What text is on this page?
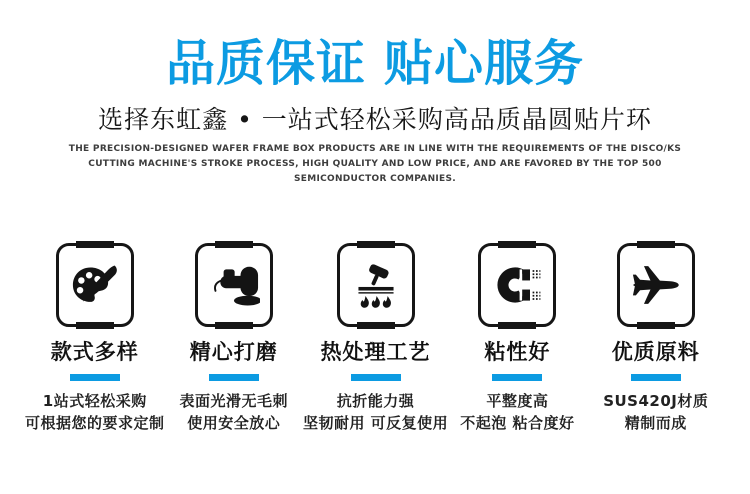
品质保证 贴心服务
选择东虹鑫 • 一站式轻松采购高品质晶圆贴片环
THE PRECISION-DESIGNED WAFER FRAME BOX PRODUCTS ARE IN LINE WITH THE REQUIREMENTS OF THE DISCO/KS CUTTING MACHINE'S STROKE PROCESS, HIGH QUALITY AND LOW PRICE, AND ARE FAVORED BY THE TOP 500 SEMICONDUCTOR COMPANIES.
款式多样
1站式轻松采购
可根据您的要求定制
精心打磨
表面光滑无毛刺
使用安全放心
热处理工艺
抗折能力强
坚韧耐用 可反复使用
粘性好
平整度高
不起泡 粘合度好
优质原料
SUS420J材质
精制而成
